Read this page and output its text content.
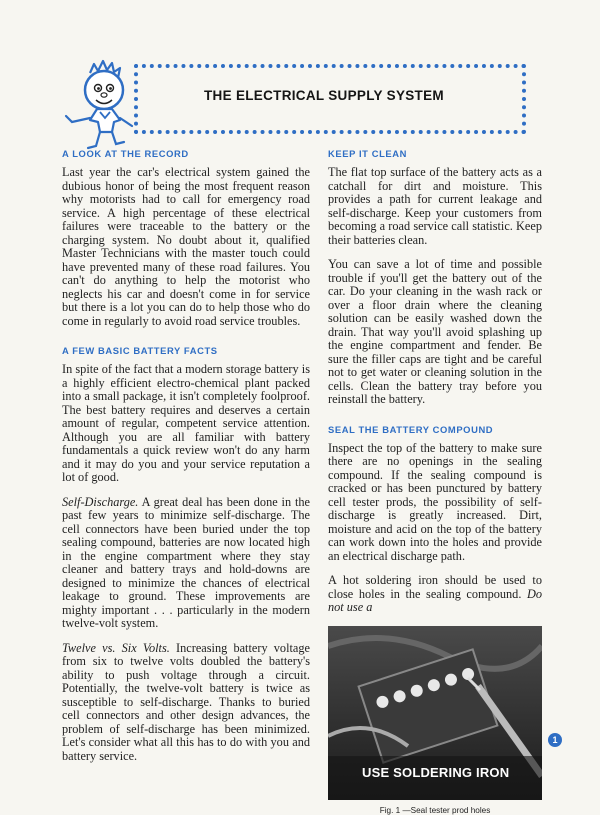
THE ELECTRICAL SUPPLY SYSTEM
A LOOK AT THE RECORD

Last year the car's electrical system gained the dubious honor of being the most frequent reason why motorists had to call for emergency road service. A high percentage of these electrical failures were traceable to the battery or the charging system. No doubt about it, qualified Master Technicians with the master touch could have prevented many of these road failures. You can't do anything to help the motorist who neglects his car and doesn't come in for service but there is a lot you can do to help those who do come in regularly to avoid road service troubles.

A FEW BASIC BATTERY FACTS

In spite of the fact that a modern storage battery is a highly efficient electro-chemical plant packed into a small package, it isn't completely foolproof. The best battery requires and deserves a certain amount of regular, competent service attention. Although you are all familiar with battery fundamentals a quick review won't do any harm and it may do you and your service reputation a lot of good.

Self-Discharge. A great deal has been done in the past few years to minimize self-discharge. The cell connectors have been buried under the top sealing compound, batteries are now located high in the engine compartment where they stay cleaner and battery trays and hold-downs are designed to minimize the chances of electrical leakage to ground. These improvements are mighty important . . . particularly in the modern twelve-volt system.

Twelve vs. Six Volts. Increasing battery voltage from six to twelve volts doubled the battery's ability to push voltage through a circuit. Potentially, the twelve-volt battery is twice as susceptible to self-discharge. Thanks to buried cell connectors and other design advances, the problem of self-discharge has been minimized. Let's consider what all this has to do with you and battery service.

KEEP IT CLEAN

The flat top surface of the battery acts as a catchall for dirt and moisture. This provides a path for current leakage and self-discharge. Keep your customers from becoming a road service call statistic. Keep their batteries clean.

You can save a lot of time and possible trouble if you'll get the battery out of the car. Do your cleaning in the wash rack or over a floor drain where the cleaning solution can be easily washed down the drain. That way you'll avoid splashing up the engine compartment and fender. Be sure the filler caps are tight and be careful not to get water or cleaning solution in the cells. Clean the battery tray before you reinstall the battery.

SEAL THE BATTERY COMPOUND

Inspect the top of the battery to make sure there are no openings in the sealing compound. If the sealing compound is cracked or has been punctured by battery cell tester prods, the possibility of self-discharge is greatly increased. Dirt, moisture and acid on the top of the battery can work down into the holes and provide an electrical discharge path.

A hot soldering iron should be used to close holes in the sealing compound. Do not use a

USE SOLDERING IRON
Fig. 1 —Seal tester prod holes
1
